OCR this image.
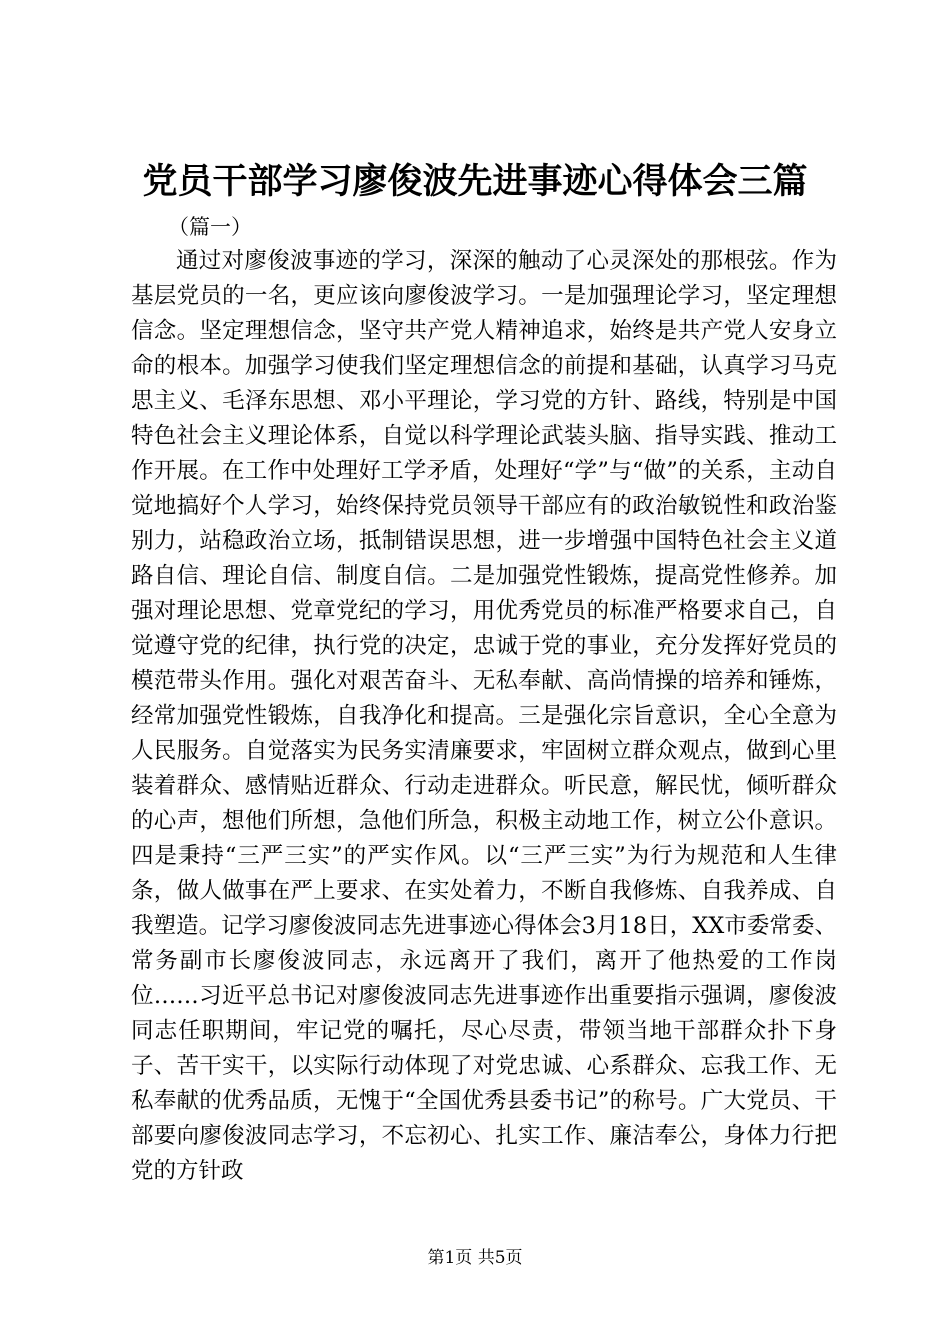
党员干部学习廖俊波先进事迹心得体会三篇
（篇一）

通过对廖俊波事迹的学习，深深的触动了心灵深处的那根弦。作为基层党员的一名，更应该向廖俊波学习。一是加强理论学习，坚定理想信念。坚定理想信念，坚守共产党人精神追求，始终是共产党人安身立命的根本。加强学习使我们坚定理想信念的前提和基础，认真学习马克思主义、毛泽东思想、邓小平理论，学习党的方针、路线，特别是中国特色社会主义理论体系，自觉以科学理论武装头脑、指导实践、推动工作开展。在工作中处理好工学矛盾，处理好“学”与“做”的关系，主动自觉地搞好个人学习，始终保持党员领导干部应有的政治敏锐性和政治鉴别力，站稳政治立场，抵制错误思想，进一步增强中国特色社会主义道路自信、理论自信、制度自信。二是加强党性锻炼，提高党性修养。加强对理论思想、党章党纪的学习，用优秀党员的标准严格要求自己，自觉遵守党的纪律，执行党的决定，忠诚于党的事业，充分发挥好党员的模范带头作用。强化对艰苦奋斗、无私奉献、高尚情操的培养和锤炼，经常加强党性锻炼，自我净化和提高。三是强化宗旨意识，全心全意为人民服务。自觉落实为民务实清廉要求，牢固树立群众观点，做到心里装着群众、感情贴近群众、行动走进群众。听民意，解民忧，倾听群众的心声，想他们所想，急他们所急，积极主动地工作，树立公仆意识。四是秉持“三严三实”的严实作风。以“三严三实”为行为规范和人生律条，做人做事在严上要求、在实处着力，不断自我修炼、自我养成、自我塑造。记学习廖俊波同志先进事迹心得体会3月18日，XX市委常委、常务副市长廖俊波同志，永远离开了我们，离开了他热爱的工作岗位……习近平总书记对廖俊波同志先进事迹作出重要指示强调，廖俊波同志任职期间，牢记党的嘱托，尽心尽责，带领当地干部群众扑下身子、苦干实干，以实际行动体现了对党忠诚、心系群众、忘我工作、无私奉献的优秀品质，无愧于“全国优秀县委书记”的称号。广大党员、干部要向廖俊波同志学习，不忘初心、扎实工作、廉洁奉公，身体力行把党的方针政

第1页 共5页
